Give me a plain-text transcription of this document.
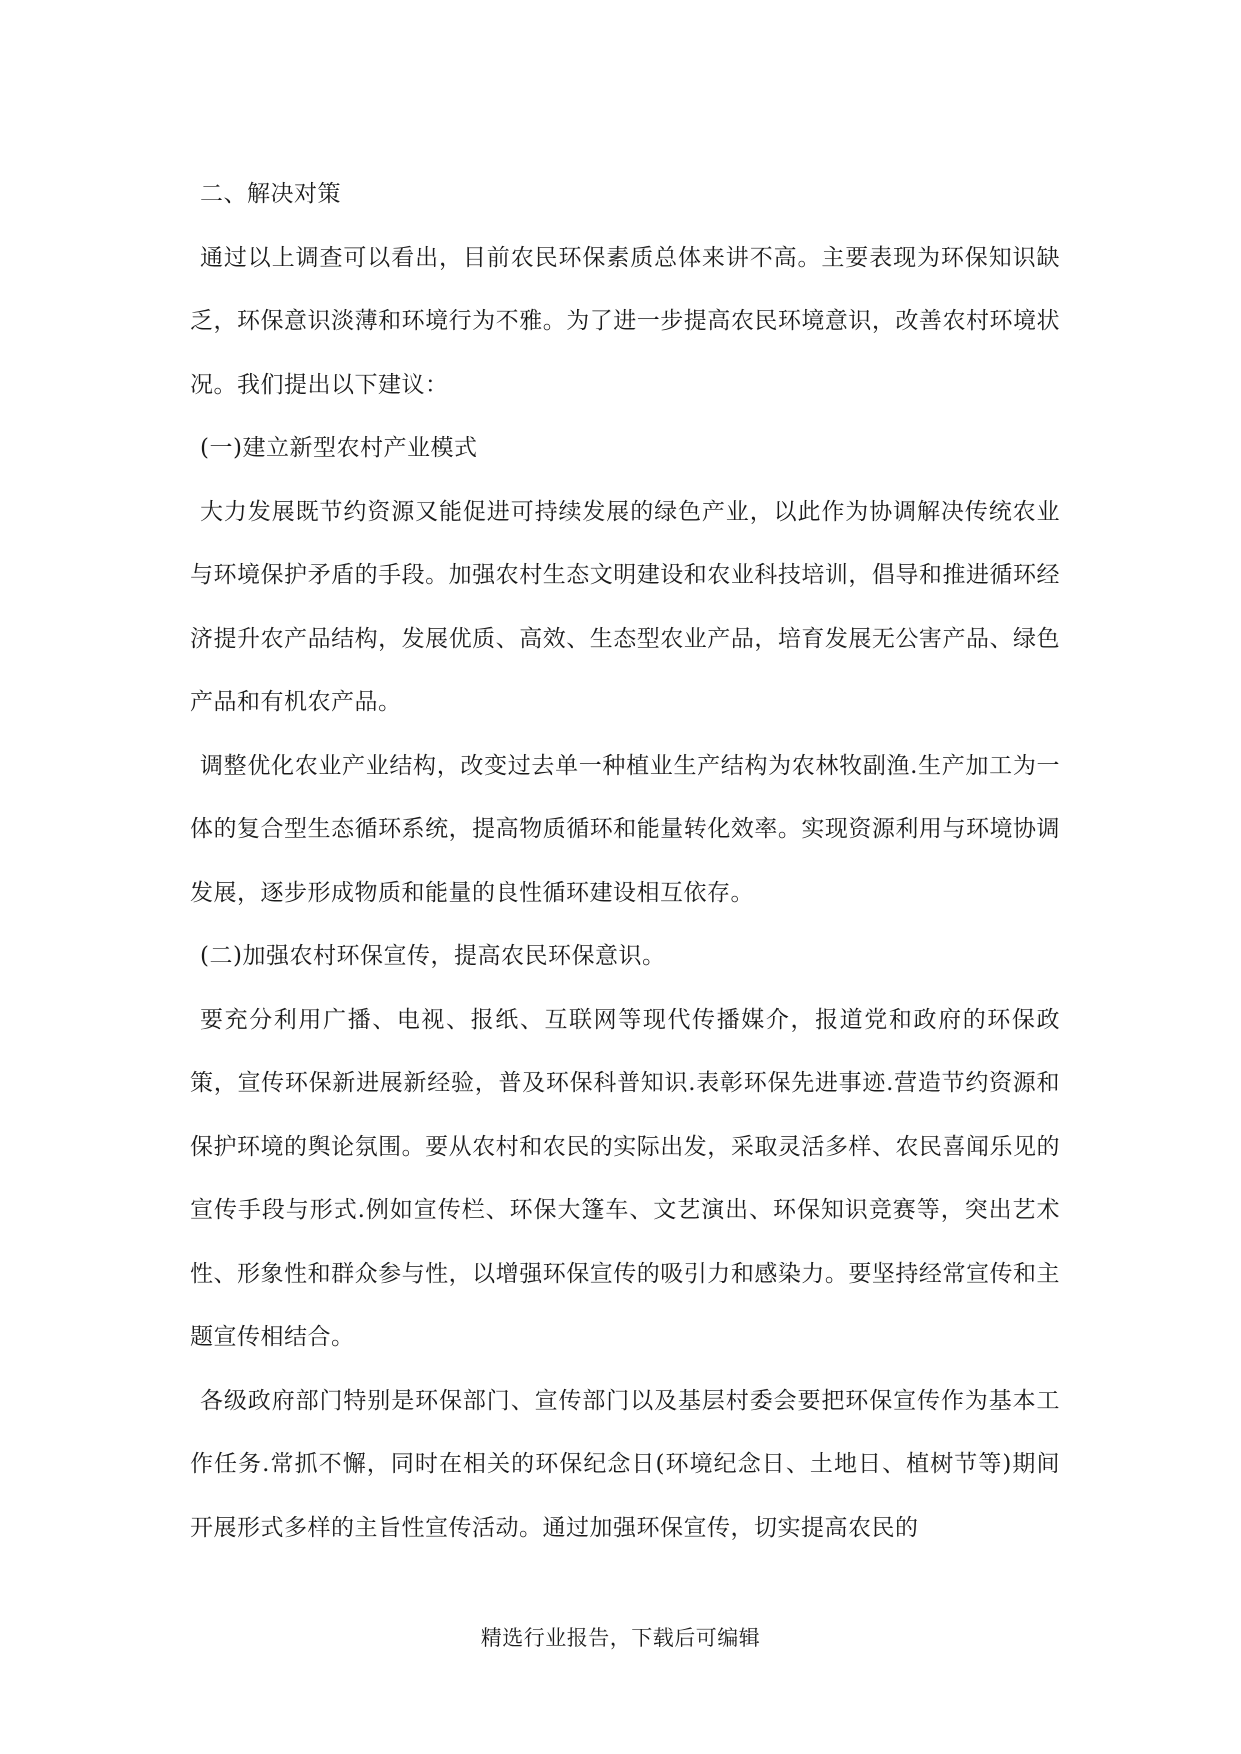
二、解决对策

通过以上调查可以看出，目前农民环保素质总体来讲不高。主要表现为环保知识缺乏，环保意识淡薄和环境行为不雅。为了进一步提高农民环境意识，改善农村环境状况。我们提出以下建议：

(一)建立新型农村产业模式

大力发展既节约资源又能促进可持续发展的绿色产业，以此作为协调解决传统农业与环境保护矛盾的手段。加强农村生态文明建设和农业科技培训，倡导和推进循环经济提升农产品结构，发展优质、高效、生态型农业产品，培育发展无公害产品、绿色产品和有机农产品。

调整优化农业产业结构，改变过去单一种植业生产结构为农林牧副渔.生产加工为一体的复合型生态循环系统，提高物质循环和能量转化效率。实现资源利用与环境协调发展，逐步形成物质和能量的良性循环建设相互依存。

(二)加强农村环保宣传，提高农民环保意识。

要充分利用广播、电视、报纸、互联网等现代传播媒介，报道党和政府的环保政策，宣传环保新进展新经验，普及环保科普知识.表彰环保先进事迹.营造节约资源和保护环境的舆论氛围。要从农村和农民的实际出发，采取灵活多样、农民喜闻乐见的宣传手段与形式.例如宣传栏、环保大篷车、文艺演出、环保知识竞赛等，突出艺术性、形象性和群众参与性，以增强环保宣传的吸引力和感染力。要坚持经常宣传和主题宣传相结合。

各级政府部门特别是环保部门、宣传部门以及基层村委会要把环保宣传作为基本工作任务.常抓不懈，同时在相关的环保纪念日(环境纪念日、土地日、植树节等)期间开展形式多样的主旨性宣传活动。通过加强环保宣传，切实提高农民的

精选行业报告，下载后可编辑
